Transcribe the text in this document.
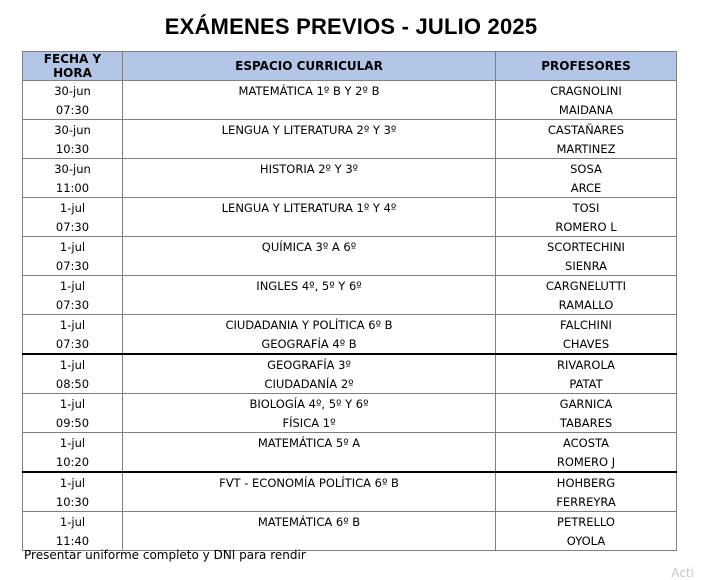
EXÁMENES PREVIOS - JULIO 2025
FECHA Y HORA	ESPACIO CURRICULAR	PROFESORES
30-jun	MATEMÁTICA 1º B Y 2º B	CRAGNOLINI
07:30		MAIDANA
30-jun	LENGUA Y LITERATURA 2º Y 3º	CASTAÑARES
10:30		MARTINEZ
30-jun	HISTORIA 2º Y 3º	SOSA
11:00		ARCE
1-jul	LENGUA Y LITERATURA 1º Y 4º	TOSI
07:30		ROMERO L
1-jul	QUÍMICA 3º A 6º	SCORTECHINI
07:30		SIENRA
1-jul	INGLES 4º, 5º Y 6º	CARGNELUTTI
07:30		RAMALLO
1-jul	CIUDADANIA Y POLÍTICA 6º B	FALCHINI
07:30	GEOGRAFÍA 4º B	CHAVES
1-jul	GEOGRAFÍA 3º	RIVAROLA
08:50	CIUDADANÍA 2º	PATAT
1-jul	BIOLOGÍA 4º, 5º Y 6º	GARNICA
09:50	FÍSICA 1º	TABARES
1-jul	MATEMÁTICA 5º A	ACOSTA
10:20		ROMERO J
1-jul	FVT - ECONOMÍA POLÍTICA 6º B	HOHBERG
10:30		FERREYRA
1-jul	MATEMÁTICA 6º B	PETRELLO
11:40		OYOLA
Presentar uniforme completo y DNI para rendir
Acti
